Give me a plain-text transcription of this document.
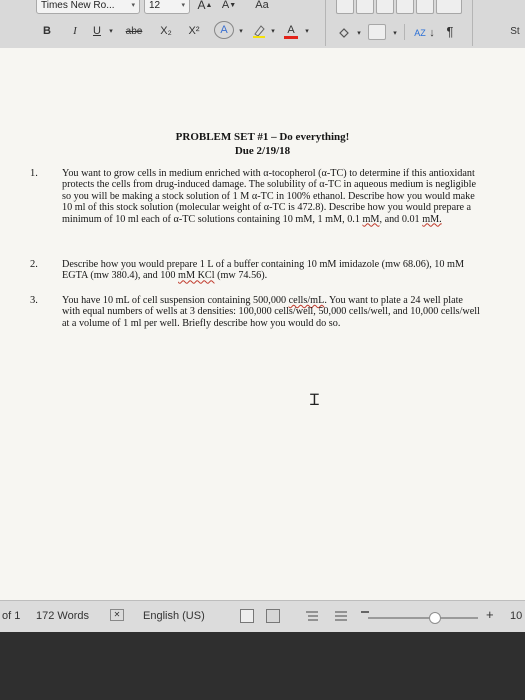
Times New Ro... ▾ 12	▾ A ▲ A ▼ Aa
B I U	▾	abe X₂ X² A	▾	▾ A	▾	▾	▾	AZ ↓ ¶	St
PROBLEM SET #1 – Do everything!
Due 2/19/18
1. You want to grow cells in medium enriched with α-tocopherol (α-TC) to determine if this antioxidant protects the cells from drug-induced damage. The solubility of α-TC in aqueous medium is negligible so you will be making a stock solution of 1 M α-TC in 100% ethanol. Describe how you would make 10 ml of this stock solution (molecular weight of α-TC is 472.8). Describe how you would prepare a minimum of 10 ml each of α-TC solutions containing 10 mM, 1 mM, 0.1 mM, and 0.01 mM.
2. Describe how you would prepare 1 L of a buffer containing 10 mM imidazole (mw 68.06), 10 mM EGTA (mw 380.4), and 100 mM KCl (mw 74.56).
3. You have 10 mL of cell suspension containing 500,000 cells/mL. You want to plate a 24 well plate with equal numbers of wells at 3 densities: 100,000 cells/well, 50,000 cells/well, and 10,000 cells/well at a volume of 1 ml per well. Briefly describe how you would do so.
Ɪ
of 1 172 Words	✕	English (US)	+ 10
